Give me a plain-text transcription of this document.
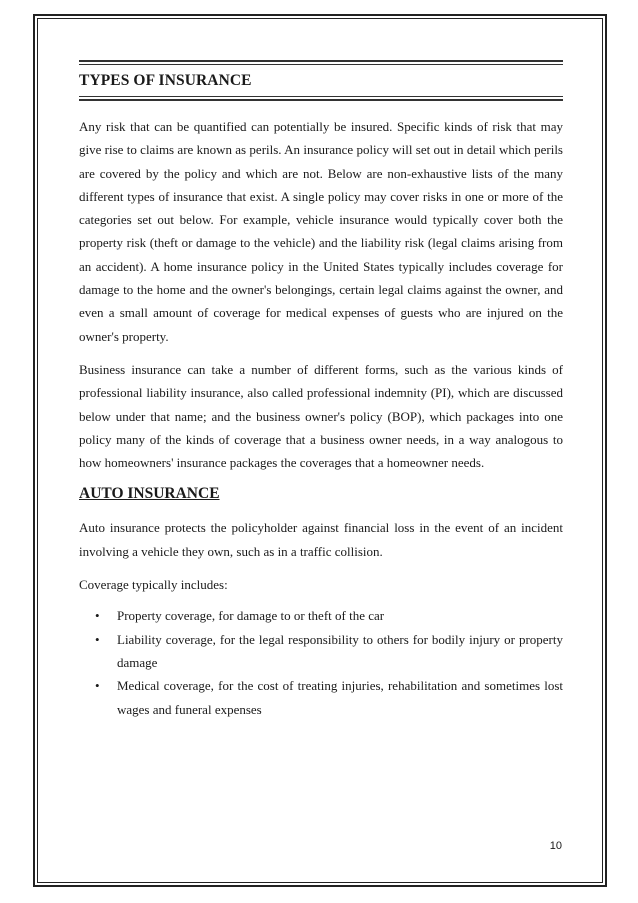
TYPES OF INSURANCE

Any risk that can be quantified can potentially be insured. Specific kinds of risk that may give rise to claims are known as perils. An insurance policy will set out in detail which perils are covered by the policy and which are not. Below are non-exhaustive lists of the many different types of insurance that exist. A single policy may cover risks in one or more of the categories set out below. For example, vehicle insurance would typically cover both the property risk (theft or damage to the vehicle) and the liability risk (legal claims arising from an accident). A home insurance policy in the United States typically includes coverage for damage to the home and the owner's belongings, certain legal claims against the owner, and even a small amount of coverage for medical expenses of guests who are injured on the owner's property.

Business insurance can take a number of different forms, such as the various kinds of professional liability insurance, also called professional indemnity (PI), which are discussed below under that name; and the business owner's policy (BOP), which packages into one policy many of the kinds of coverage that a business owner needs, in a way analogous to how homeowners' insurance packages the coverages that a homeowner needs.

AUTO INSURANCE

Auto insurance protects the policyholder against financial loss in the event of an incident involving a vehicle they own, such as in a traffic collision.

Coverage typically includes:

• Property coverage, for damage to or theft of the car
• Liability coverage, for the legal responsibility to others for bodily injury or property damage
• Medical coverage, for the cost of treating injuries, rehabilitation and sometimes lost wages and funeral expenses
10
